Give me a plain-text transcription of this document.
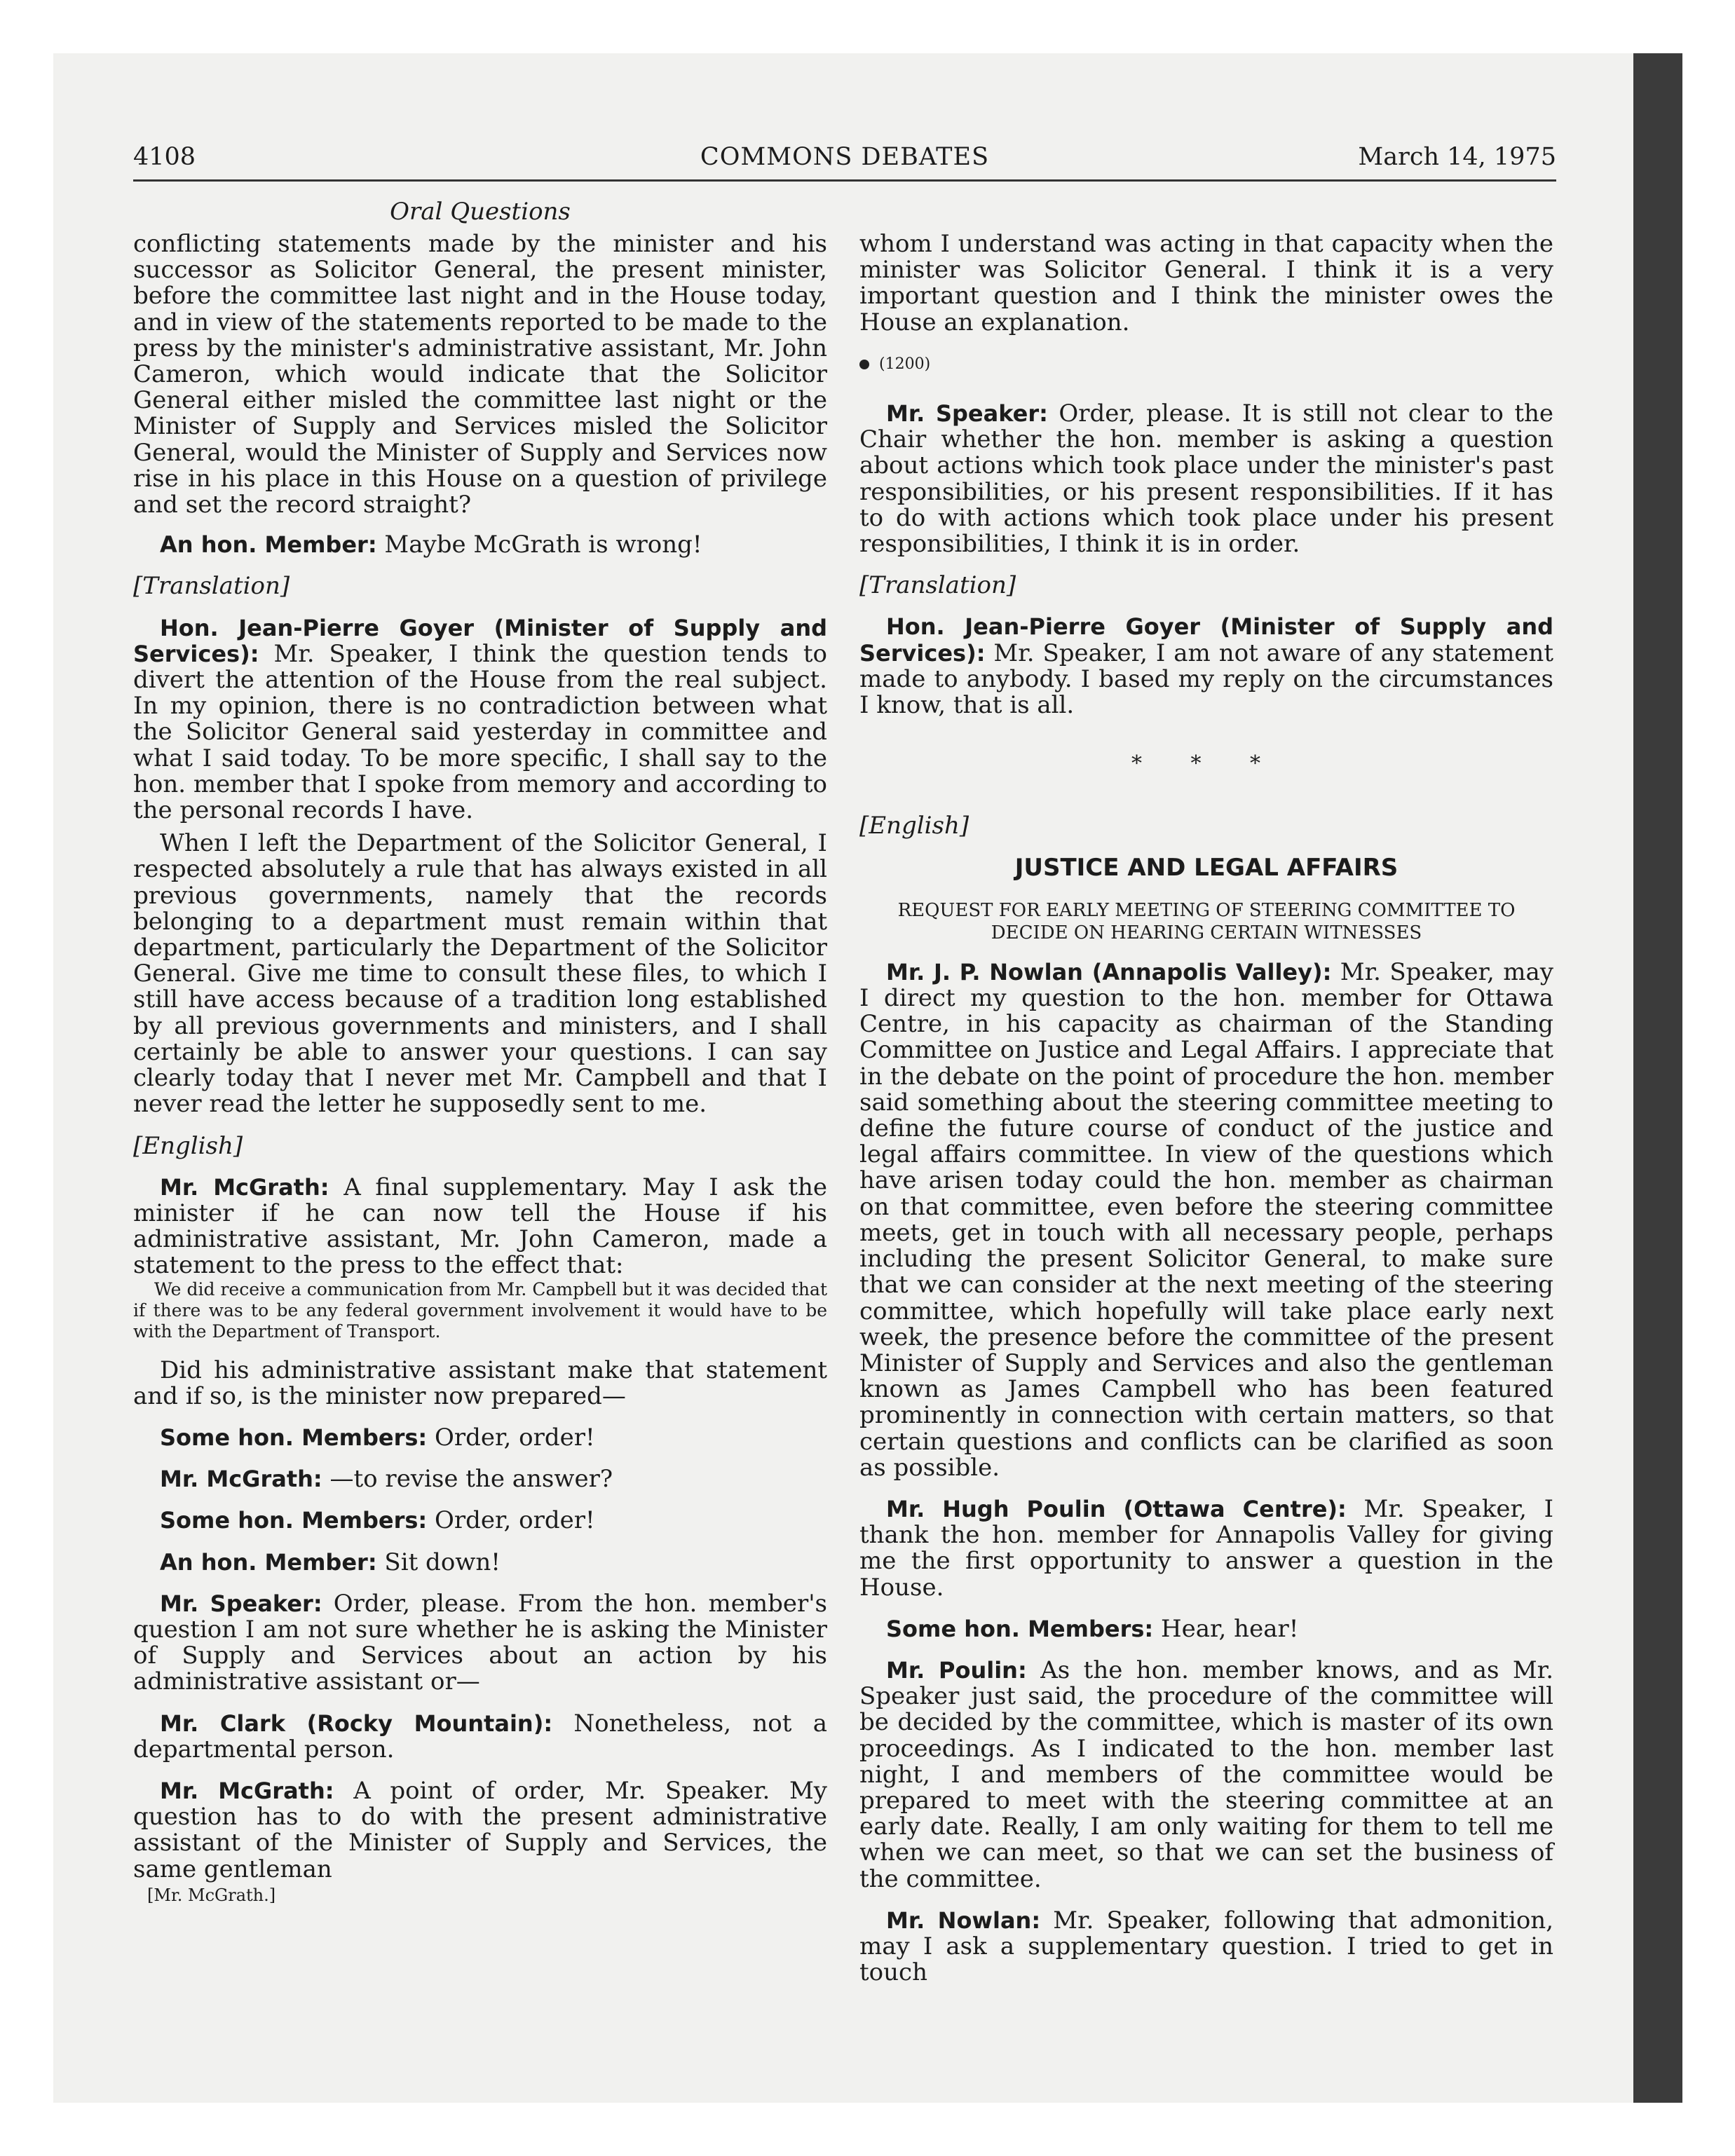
4108	COMMONS DEBATES	March 14, 1975
Oral Questions

conflicting statements made by the minister and his successor as Solicitor General, the present minister, before the committee last night and in the House today, and in view of the statements reported to be made to the press by the minister's administrative assistant, Mr. John Cameron, which would indicate that the Solicitor General either misled the committee last night or the Minister of Supply and Services misled the Solicitor General, would the Minister of Supply and Services now rise in his place in this House on a question of privilege and set the record straight?

An hon. Member: Maybe McGrath is wrong!

[Translation]

Hon. Jean-Pierre Goyer (Minister of Supply and Services): Mr. Speaker, I think the question tends to divert the attention of the House from the real subject. In my opinion, there is no contradiction between what the Solicitor General said yesterday in committee and what I said today. To be more specific, I shall say to the hon. member that I spoke from memory and according to the personal records I have.

When I left the Department of the Solicitor General, I respected absolutely a rule that has always existed in all previous governments, namely that the records belonging to a department must remain within that department, particularly the Department of the Solicitor General. Give me time to consult these files, to which I still have access because of a tradition long established by all previous governments and ministers, and I shall certainly be able to answer your questions. I can say clearly today that I never met Mr. Campbell and that I never read the letter he supposedly sent to me.

[English]

Mr. McGrath: A final supplementary. May I ask the minister if he can now tell the House if his administrative assistant, Mr. John Cameron, made a statement to the press to the effect that:

We did receive a communication from Mr. Campbell but it was decided that if there was to be any federal government involvement it would have to be with the Department of Transport.

Did his administrative assistant make that statement and if so, is the minister now prepared—

Some hon. Members: Order, order!

Mr. McGrath: —to revise the answer?

Some hon. Members: Order, order!

An hon. Member: Sit down!

Mr. Speaker: Order, please. From the hon. member's question I am not sure whether he is asking the Minister of Supply and Services about an action by his administrative assistant or—

Mr. Clark (Rocky Mountain): Nonetheless, not a departmental person.

Mr. McGrath: A point of order, Mr. Speaker. My question has to do with the present administrative assistant of the Minister of Supply and Services, the same gentleman

[Mr. McGrath.]

whom I understand was acting in that capacity when the minister was Solicitor General. I think it is a very important question and I think the minister owes the House an explanation.

(1200)

Mr. Speaker: Order, please. It is still not clear to the Chair whether the hon. member is asking a question about actions which took place under the minister's past responsibilities, or his present responsibilities. If it has to do with actions which took place under his present responsibilities, I think it is in order.

[Translation]

Hon. Jean-Pierre Goyer (Minister of Supply and Services): Mr. Speaker, I am not aware of any statement made to anybody. I based my reply on the circumstances I know, that is all.

* * *

[English]

JUSTICE AND LEGAL AFFAIRS
REQUEST FOR EARLY MEETING OF STEERING COMMITTEE TO DECIDE ON HEARING CERTAIN WITNESSES

Mr. J. P. Nowlan (Annapolis Valley): Mr. Speaker, may I direct my question to the hon. member for Ottawa Centre, in his capacity as chairman of the Standing Committee on Justice and Legal Affairs. I appreciate that in the debate on the point of procedure the hon. member said something about the steering committee meeting to define the future course of conduct of the justice and legal affairs committee. In view of the questions which have arisen today could the hon. member as chairman on that committee, even before the steering committee meets, get in touch with all necessary people, perhaps including the present Solicitor General, to make sure that we can consider at the next meeting of the steering committee, which hopefully will take place early next week, the presence before the committee of the present Minister of Supply and Services and also the gentleman known as James Campbell who has been featured prominently in connection with certain matters, so that certain questions and conflicts can be clarified as soon as possible.

Mr. Hugh Poulin (Ottawa Centre): Mr. Speaker, I thank the hon. member for Annapolis Valley for giving me the first opportunity to answer a question in the House.

Some hon. Members: Hear, hear!

Mr. Poulin: As the hon. member knows, and as Mr. Speaker just said, the procedure of the committee will be decided by the committee, which is master of its own proceedings. As I indicated to the hon. member last night, I and members of the committee would be prepared to meet with the steering committee at an early date. Really, I am only waiting for them to tell me when we can meet, so that we can set the business of the committee.

Mr. Nowlan: Mr. Speaker, following that admonition, may I ask a supplementary question. I tried to get in touch
